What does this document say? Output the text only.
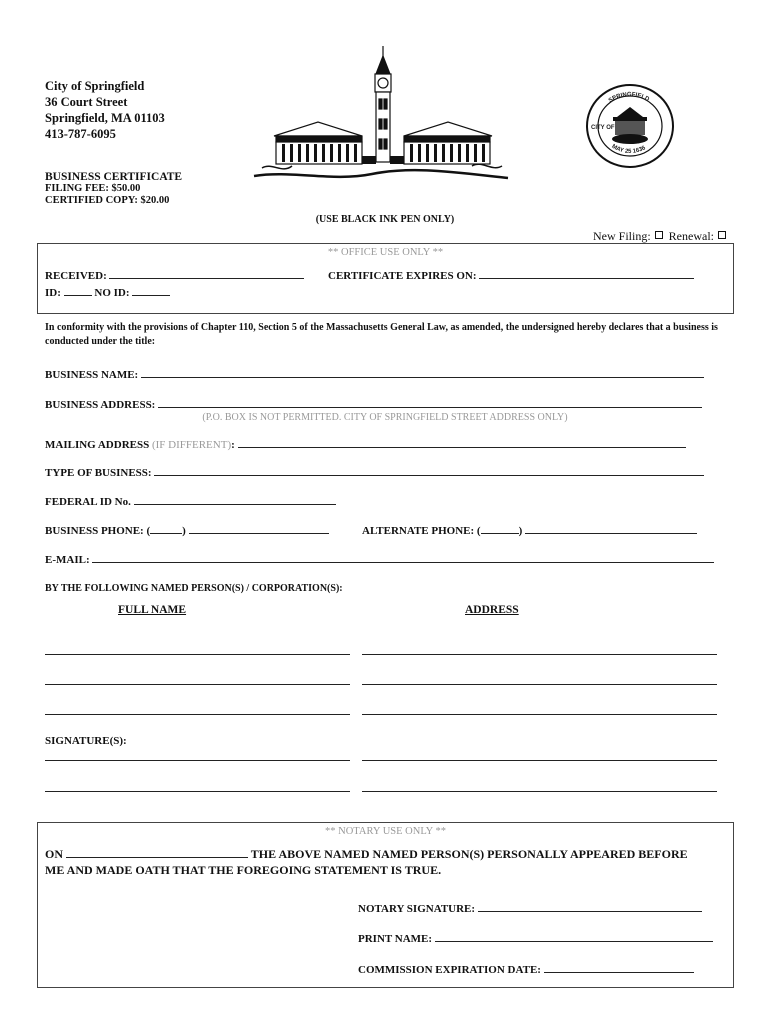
City of Springfield
36 Court Street
Springfield, MA 01103
413-787-6095
SPRINGFIELD
MAY 25 1636
CITY OF
BUSINESS CERTIFICATE
FILING FEE: $50.00
CERTIFIED COPY: $20.00
(USE BLACK INK PEN ONLY)
New Filing: Renewal:
** OFFICE USE ONLY **
RECEIVED:	CERTIFICATE EXPIRES ON:
ID:	NO ID:
In conformity with the provisions of Chapter 110, Section 5 of the Massachusetts General Law, as amended, the undersigned hereby declares that a business is conducted under the title:
BUSINESS NAME:
BUSINESS ADDRESS:
(P.O. BOX IS NOT PERMITTED. CITY OF SPRINGFIELD STREET ADDRESS ONLY)
MAILING ADDRESS (IF DIFFERENT):
TYPE OF BUSINESS:
FEDERAL ID No.
BUSINESS PHONE: (	)	ALTERNATE PHONE: (	)
E-MAIL:
BY THE FOLLOWING NAMED PERSON(S) / CORPORATION(S):
FULL NAME	ADDRESS
SIGNATURE(S):
** NOTARY USE ONLY **
ON	THE ABOVE NAMED NAMED PERSON(S) PERSONALLY APPEARED BEFORE
ME AND MADE OATH THAT THE FOREGOING STATEMENT IS TRUE.
NOTARY SIGNATURE:
PRINT NAME:
COMMISSION EXPIRATION DATE:
